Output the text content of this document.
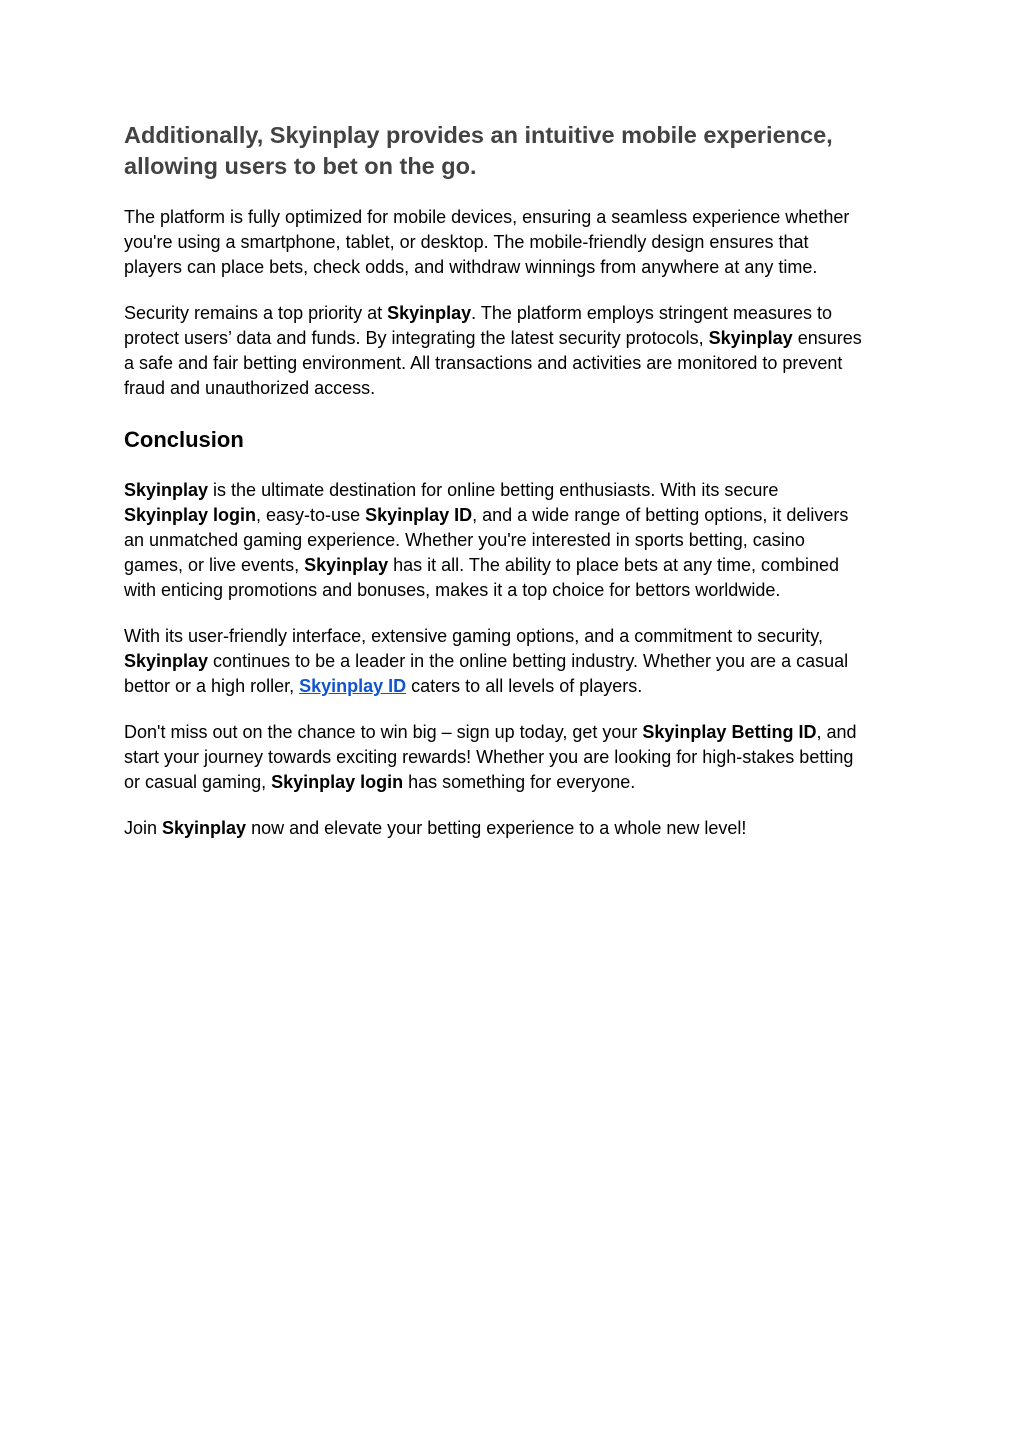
Additionally, Skyinplay provides an intuitive mobile experience,
allowing users to bet on the go.

The platform is fully optimized for mobile devices, ensuring a seamless experience whether
you're using a smartphone, tablet, or desktop. The mobile-friendly design ensures that
players can place bets, check odds, and withdraw winnings from anywhere at any time.

Security remains a top priority at Skyinplay. The platform employs stringent measures to
protect users’ data and funds. By integrating the latest security protocols, Skyinplay ensures
a safe and fair betting environment. All transactions and activities are monitored to prevent
fraud and unauthorized access.

Conclusion

Skyinplay is the ultimate destination for online betting enthusiasts. With its secure
Skyinplay login, easy-to-use Skyinplay ID, and a wide range of betting options, it delivers
an unmatched gaming experience. Whether you're interested in sports betting, casino
games, or live events, Skyinplay has it all. The ability to place bets at any time, combined
with enticing promotions and bonuses, makes it a top choice for bettors worldwide.

With its user-friendly interface, extensive gaming options, and a commitment to security,
Skyinplay continues to be a leader in the online betting industry. Whether you are a casual
bettor or a high roller, Skyinplay ID caters to all levels of players.

Don't miss out on the chance to win big – sign up today, get your Skyinplay Betting ID, and
start your journey towards exciting rewards! Whether you are looking for high-stakes betting
or casual gaming, Skyinplay login has something for everyone.

Join Skyinplay now and elevate your betting experience to a whole new level!
